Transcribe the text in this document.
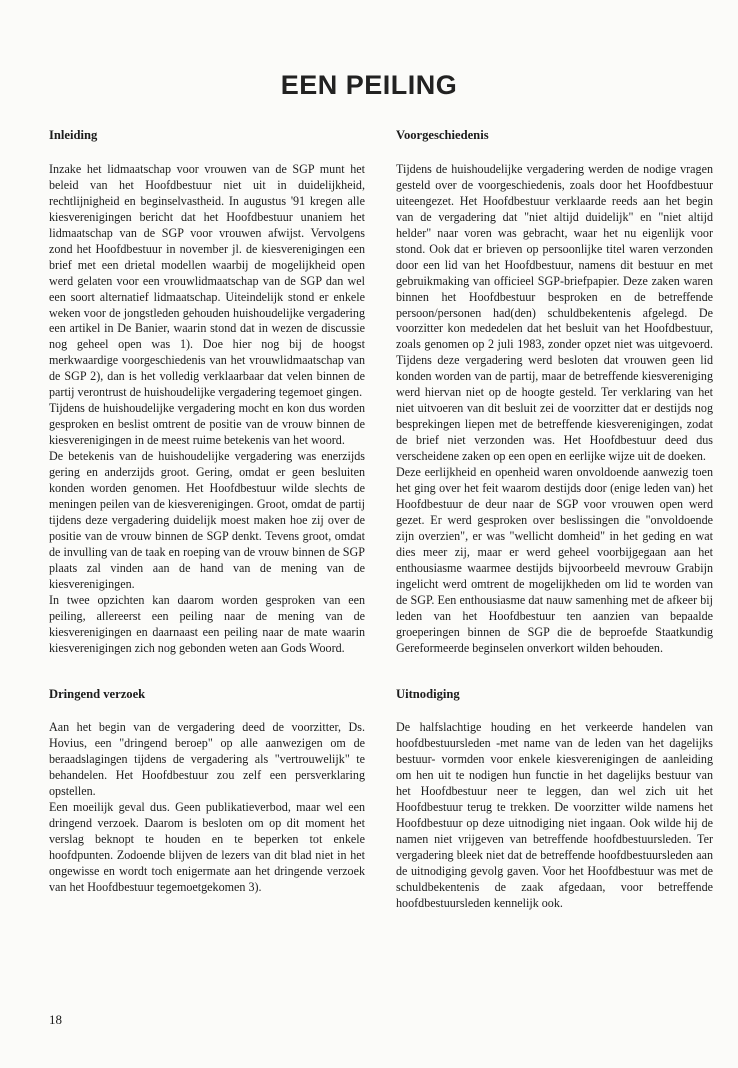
EEN PEILING
Inleiding

Inzake het lidmaatschap voor vrouwen van de SGP munt het beleid van het Hoofdbestuur niet uit in duidelijkheid, rechtlijnigheid en beginselvastheid. In augustus '91 kregen alle kiesverenigingen bericht dat het Hoofdbestuur unaniem het lidmaatschap van de SGP voor vrouwen afwijst. Vervolgens zond het Hoofdbestuur in november jl. de kiesverenigingen een brief met een drietal modellen waarbij de mogelijkheid open werd gelaten voor een vrouwlidmaatschap van de SGP dan wel een soort alternatief lidmaatschap. Uiteindelijk stond er enkele weken voor de jongstleden gehouden huishoudelijke vergadering een artikel in De Banier, waarin stond dat in wezen de discussie nog geheel open was 1). Doe hier nog bij de hoogst merkwaardige voorgeschiedenis van het vrouwlidmaatschap van de SGP 2), dan is het volledig verklaarbaar dat velen binnen de partij verontrust de huishoudelijke vergadering tegemoet gingen.

Tijdens de huishoudelijke vergadering mocht en kon dus worden gesproken en beslist omtrent de positie van de vrouw binnen de kiesverenigingen in de meest ruime betekenis van het woord.

De betekenis van de huishoudelijke vergadering was enerzijds gering en anderzijds groot. Gering, omdat er geen besluiten konden worden genomen. Het Hoofdbestuur wilde slechts de meningen peilen van de kiesverenigingen. Groot, omdat de partij tijdens deze vergadering duidelijk moest maken hoe zij over de positie van de vrouw binnen de SGP denkt. Tevens groot, omdat de invulling van de taak en roeping van de vrouw binnen de SGP plaats zal vinden aan de hand van de mening van de kiesverenigingen.

In twee opzichten kan daarom worden gesproken van een peiling, allereerst een peiling naar de mening van de kiesverenigingen en daarnaast een peiling naar de mate waarin kiesverenigingen zich nog gebonden weten aan Gods Woord.

Dringend verzoek

Aan het begin van de vergadering deed de voorzitter, Ds. Hovius, een "dringend beroep" op alle aanwezigen om de beraadslagingen tijdens de vergadering als "vertrouwelijk" te behandelen. Het Hoofdbestuur zou zelf een persverklaring opstellen.

Een moeilijk geval dus. Geen publikatieverbod, maar wel een dringend verzoek. Daarom is besloten om op dit moment het verslag beknopt te houden en te beperken tot enkele hoofdpunten. Zodoende blijven de lezers van dit blad niet in het ongewisse en wordt toch enigermate aan het dringende verzoek van het Hoofdbestuur tegemoetgekomen 3).

Voorgeschiedenis

Tijdens de huishoudelijke vergadering werden de nodige vragen gesteld over de voorgeschiedenis, zoals door het Hoofdbestuur uiteengezet. Het Hoofdbestuur verklaarde reeds aan het begin van de vergadering dat "niet altijd duidelijk" en "niet altijd helder" naar voren was gebracht, waar het nu eigenlijk voor stond. Ook dat er brieven op persoonlijke titel waren verzonden door een lid van het Hoofdbestuur, namens dit bestuur en met gebruikmaking van officieel SGP-briefpapier. Deze zaken waren binnen het Hoofdbestuur besproken en de betreffende persoon/personen had(den) schuldbekentenis afgelegd. De voorzitter kon mededelen dat het besluit van het Hoofdbestuur, zoals genomen op 2 juli 1983, zonder opzet niet was uitgevoerd. Tijdens deze vergadering werd besloten dat vrouwen geen lid konden worden van de partij, maar de betreffende kiesvereniging werd hiervan niet op de hoogte gesteld. Ter verklaring van het niet uitvoeren van dit besluit zei de voorzitter dat er destijds nog besprekingen liepen met de betreffende kiesverenigingen, zodat de brief niet verzonden was. Het Hoofdbestuur deed dus verscheidene zaken op een open en eerlijke wijze uit de doeken.

Deze eerlijkheid en openheid waren onvoldoende aanwezig toen het ging over het feit waarom destijds door (enige leden van) het Hoofdbestuur de deur naar de SGP voor vrouwen open werd gezet. Er werd gesproken over beslissingen die "onvoldoende zijn overzien", er was "wellicht domheid" in het geding en wat dies meer zij, maar er werd geheel voorbijgegaan aan het enthousiasme waarmee destijds bijvoorbeeld mevrouw Grabijn ingelicht werd omtrent de mogelijkheden om lid te worden van de SGP. Een enthousiasme dat nauw samenhing met de afkeer bij leden van het Hoofdbestuur ten aanzien van bepaalde groeperingen binnen de SGP die de beproefde Staatkundig Gereformeerde beginselen onverkort wilden behouden.

Uitnodiging

De halfslachtige houding en het verkeerde handelen van hoofdbestuursleden -met name van de leden van het dagelijks bestuur- vormden voor enkele kiesverenigingen de aanleiding om hen uit te nodigen hun functie in het dagelijks bestuur van het Hoofdbestuur neer te leggen, dan wel zich uit het Hoofdbestuur terug te trekken. De voorzitter wilde namens het Hoofdbestuur op deze uitnodiging niet ingaan. Ook wilde hij de namen niet vrijgeven van betreffende hoofdbestuursleden. Ter vergadering bleek niet dat de betreffende hoofdbestuursleden aan de uitnodiging gevolg gaven. Voor het Hoofdbestuur was met de schuldbekentenis de zaak afgedaan, voor betreffende hoofdbestuursleden kennelijk ook.

18
